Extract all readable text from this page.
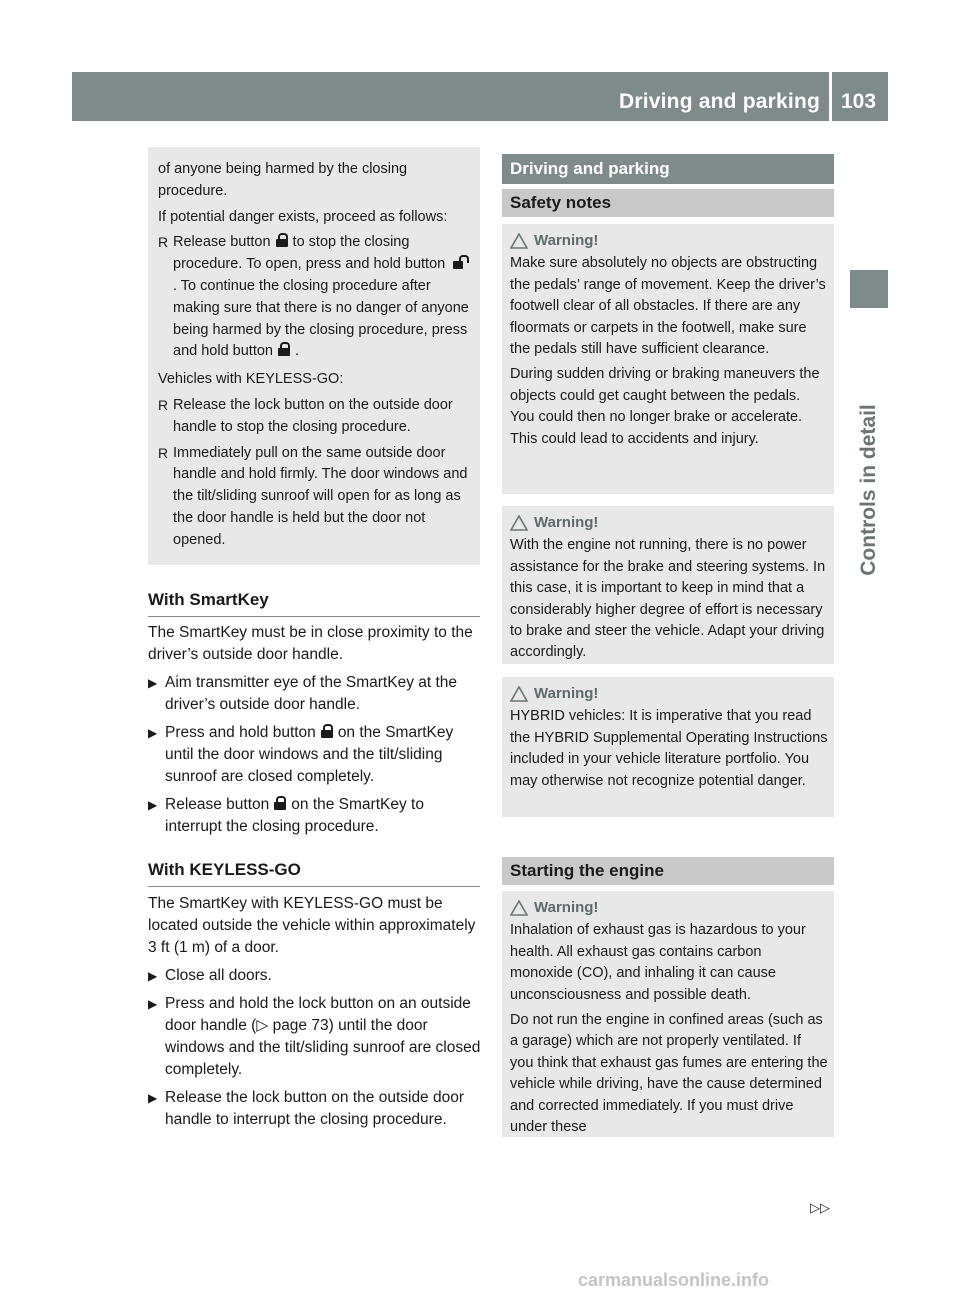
Driving and parking 103
Controls in detail

of anyone being harmed by the closing procedure.

If potential danger exists, proceed as follows:

R Release button to stop the closing procedure. To open, press and hold button . To continue the closing procedure after making sure that there is no danger of anyone being harmed by the closing procedure, press and hold button .

Vehicles with KEYLESS-GO:

R Release the lock button on the outside door handle to stop the closing procedure.
R Immediately pull on the same outside door handle and hold firmly. The door windows and the tilt/sliding sunroof will open for as long as the door handle is held but the door not opened.
With SmartKey
The SmartKey must be in close proximity to the driver’s outside door handle.
▶ Aim transmitter eye of the SmartKey at the driver’s outside door handle.
▶ Press and hold button on the SmartKey until the door windows and the tilt/sliding sunroof are closed completely.
▶ Release button on the SmartKey to interrupt the closing procedure.
With KEYLESS-GO
The SmartKey with KEYLESS-GO must be located outside the vehicle within approximately 3 ft (1 m) of a door.
▶ Close all doors.
▶ Press and hold the lock button on an outside door handle (▷ page 73) until the door windows and the tilt/sliding sunroof are closed completely.
▶ Release the lock button on the outside door handle to interrupt the closing procedure.
Driving and parking
Safety notes
Warning!

Make sure absolutely no objects are obstructing the pedals’ range of movement. Keep the driver’s footwell clear of all obstacles. If there are any floormats or carpets in the footwell, make sure the pedals still have sufficient clearance.

During sudden driving or braking maneuvers the objects could get caught between the pedals. You could then no longer brake or accelerate. This could lead to accidents and injury.

Warning!

With the engine not running, there is no power assistance for the brake and steering systems. In this case, it is important to keep in mind that a considerably higher degree of effort is necessary to brake and steer the vehicle. Adapt your driving accordingly.

Warning!

HYBRID vehicles: It is imperative that you read the HYBRID Supplemental Operating Instructions included in your vehicle literature portfolio. You may otherwise not recognize potential danger.

Starting the engine
Warning!

Inhalation of exhaust gas is hazardous to your health. All exhaust gas contains carbon monoxide (CO), and inhaling it can cause unconsciousness and possible death.

Do not run the engine in confined areas (such as a garage) which are not properly ventilated. If you think that exhaust gas fumes are entering the vehicle while driving, have the cause determined and corrected immediately. If you must drive under these

▷▷
carmanualsonline.info
